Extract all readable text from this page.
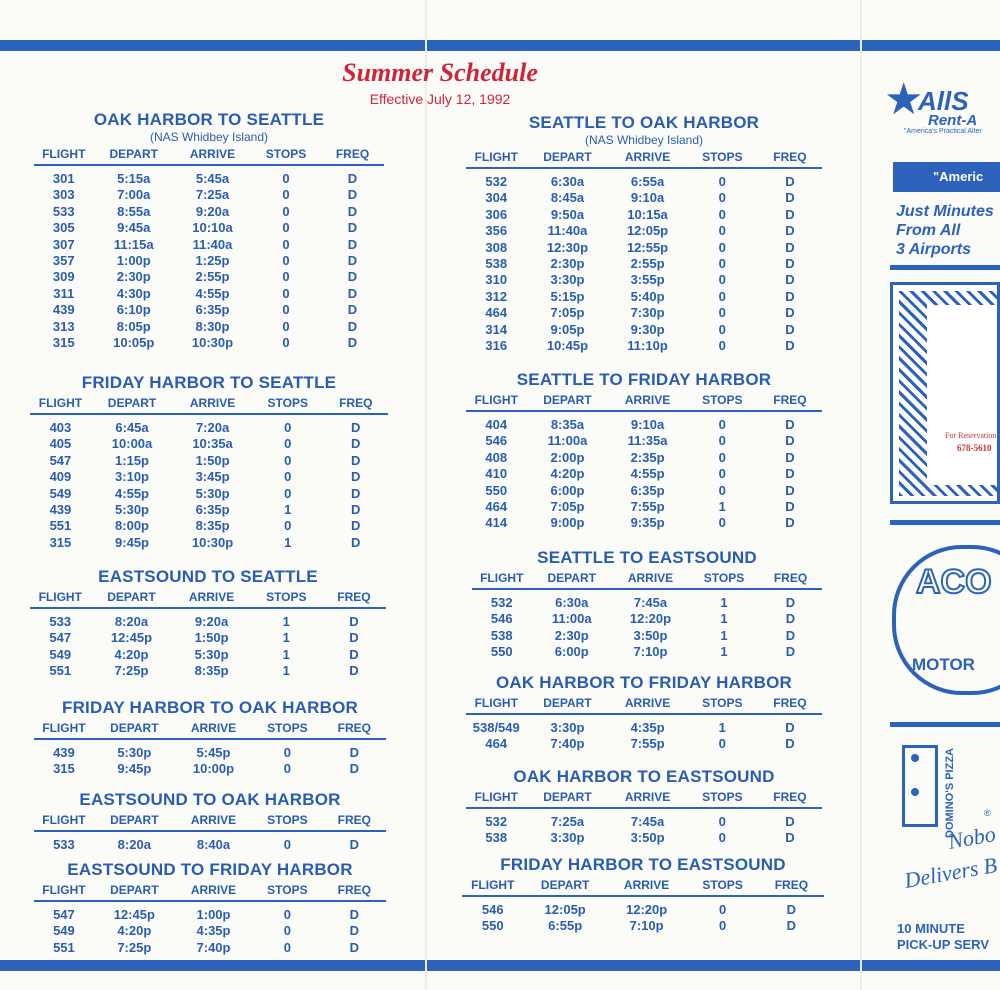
Summer Schedule
Effective July 12, 1992
OAK HARBOR TO SEATTLE
(NAS Whidbey Island)
FLIGHT	DEPART	ARRIVE	STOPS	FREQ
301	5:15a	5:45a	0	D
303	7:00a	7:25a	0	D
533	8:55a	9:20a	0	D
305	9:45a	10:10a	0	D
307	11:15a	11:40a	0	D
357	1:00p	1:25p	0	D
309	2:30p	2:55p	0	D
311	4:30p	4:55p	0	D
439	6:10p	6:35p	0	D
313	8:05p	8:30p	0	D
315	10:05p	10:30p	0	D
FRIDAY HARBOR TO SEATTLE
FLIGHT	DEPART	ARRIVE	STOPS	FREQ
403	6:45a	7:20a	0	D
405	10:00a	10:35a	0	D
547	1:15p	1:50p	0	D
409	3:10p	3:45p	0	D
549	4:55p	5:30p	0	D
439	5:30p	6:35p	1	D
551	8:00p	8:35p	0	D
315	9:45p	10:30p	1	D
EASTSOUND TO SEATTLE
FLIGHT	DEPART	ARRIVE	STOPS	FREQ
533	8:20a	9:20a	1	D
547	12:45p	1:50p	1	D
549	4:20p	5:30p	1	D
551	7:25p	8:35p	1	D
FRIDAY HARBOR TO OAK HARBOR
FLIGHT	DEPART	ARRIVE	STOPS	FREQ
439	5:30p	5:45p	0	D
315	9:45p	10:00p	0	D
EASTSOUND TO OAK HARBOR
FLIGHT	DEPART	ARRIVE	STOPS	FREQ
533	8:20a	8:40a	0	D
EASTSOUND TO FRIDAY HARBOR
FLIGHT	DEPART	ARRIVE	STOPS	FREQ
547	12:45p	1:00p	0	D
549	4:20p	4:35p	0	D
551	7:25p	7:40p	0	D
SEATTLE TO OAK HARBOR
(NAS Whidbey Island)
FLIGHT	DEPART	ARRIVE	STOPS	FREQ
532	6:30a	6:55a	0	D
304	8:45a	9:10a	0	D
306	9:50a	10:15a	0	D
356	11:40a	12:05p	0	D
308	12:30p	12:55p	0	D
538	2:30p	2:55p	0	D
310	3:30p	3:55p	0	D
312	5:15p	5:40p	0	D
464	7:05p	7:30p	0	D
314	9:05p	9:30p	0	D
316	10:45p	11:10p	0	D
SEATTLE TO FRIDAY HARBOR
FLIGHT	DEPART	ARRIVE	STOPS	FREQ
404	8:35a	9:10a	0	D
546	11:00a	11:35a	0	D
408	2:00p	2:35p	0	D
410	4:20p	4:55p	0	D
550	6:00p	6:35p	0	D
464	7:05p	7:55p	1	D
414	9:00p	9:35p	0	D
SEATTLE TO EASTSOUND
FLIGHT	DEPART	ARRIVE	STOPS	FREQ
532	6:30a	7:45a	1	D
546	11:00a	12:20p	1	D
538	2:30p	3:50p	1	D
550	6:00p	7:10p	1	D
OAK HARBOR TO FRIDAY HARBOR
FLIGHT	DEPART	ARRIVE	STOPS	FREQ
538/549	3:30p	4:35p	1	D
464	7:40p	7:55p	0	D
OAK HARBOR TO EASTSOUND
FLIGHT	DEPART	ARRIVE	STOPS	FREQ
532	7:25a	7:45a	0	D
538	3:30p	3:50p	0	D
FRIDAY HARBOR TO EASTSOUND
FLIGHT	DEPART	ARRIVE	STOPS	FREQ
546	12:05p	12:20p	0	D
550	6:55p	7:10p	0	D
★
AllS
Rent-A
"America's Practical Alter
"Americ
Just Minutes
From All
3 Airports
For Reservation
678-5610
ACO
MOTOR
DOMINO'S PIZZA	®
Nobo
Delivers B
10 MINUTE
PICK-UP SERV
